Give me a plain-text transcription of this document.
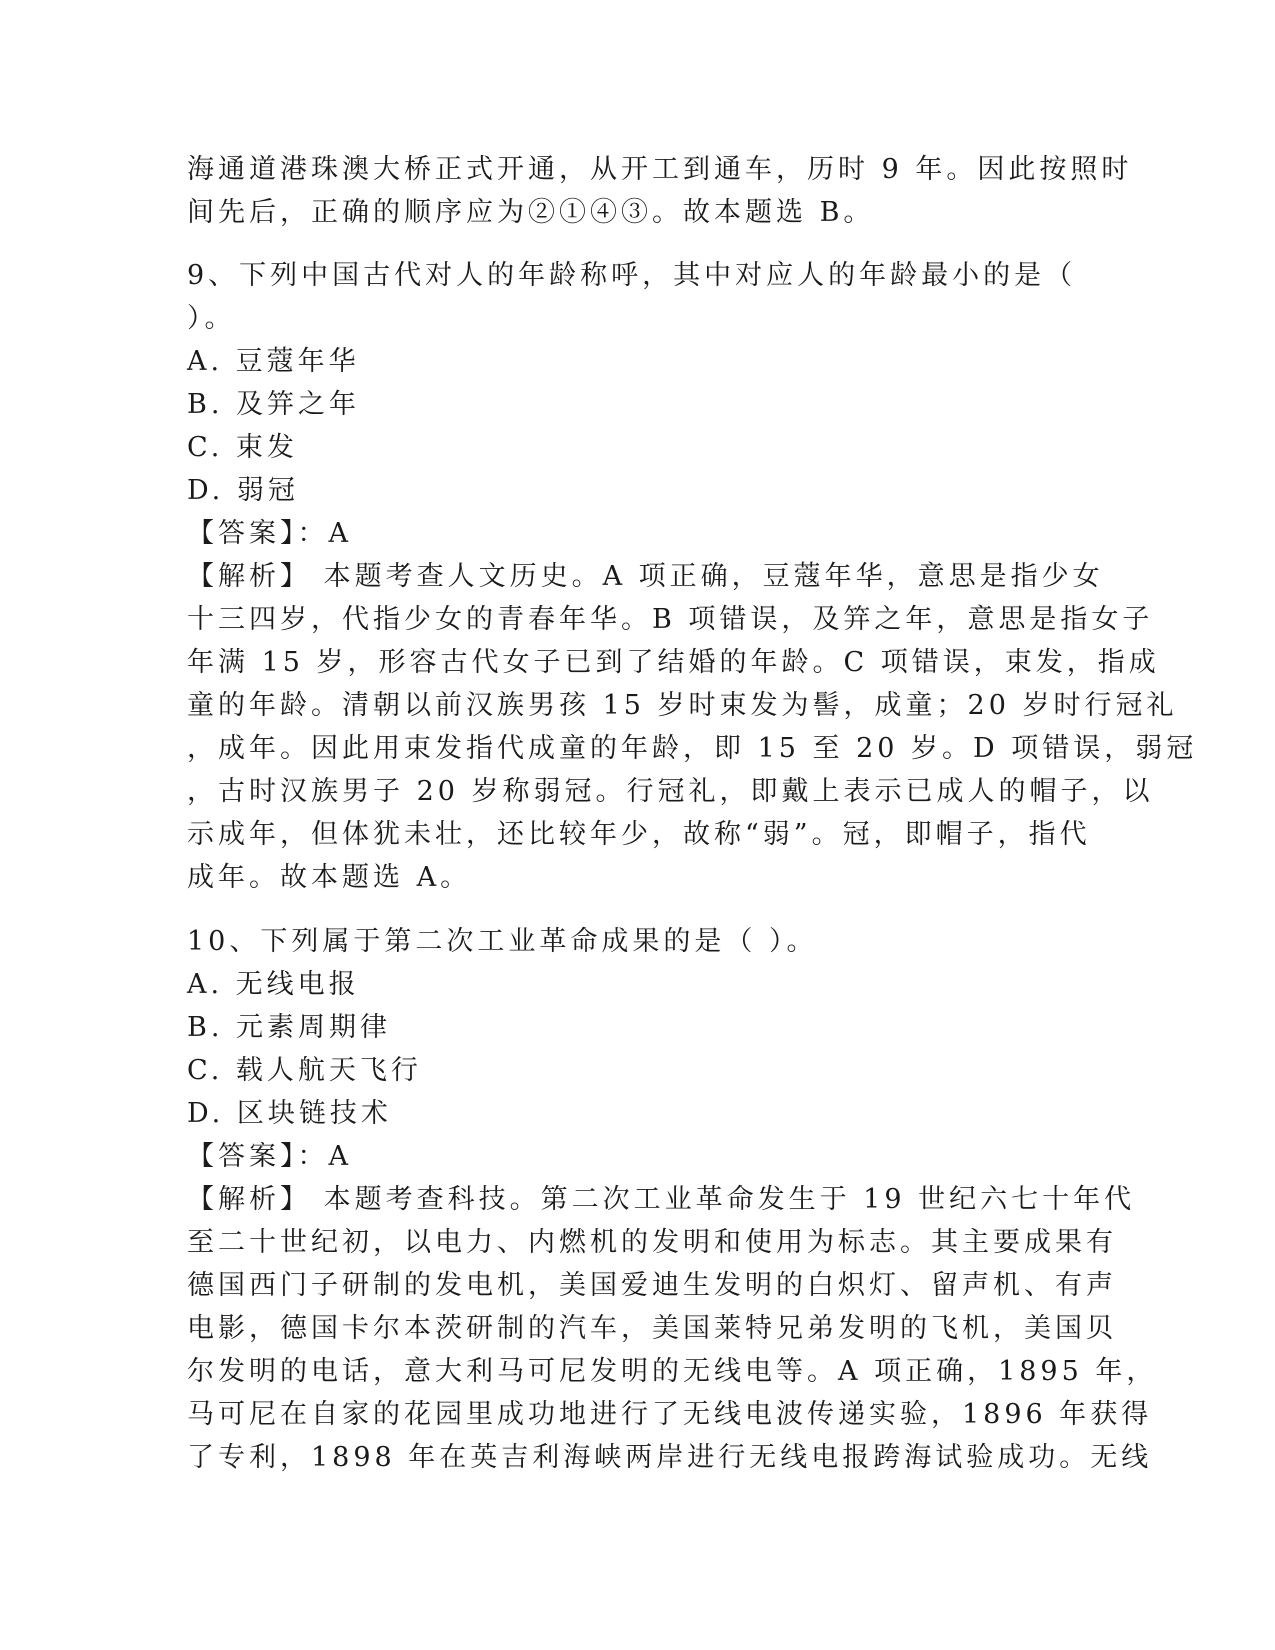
海通道港珠澳大桥正式开通，从开工到通车，历时 9 年。因此按照时
间先后，正确的顺序应为②①④③。故本题选 B。
9、下列中国古代对人的年龄称呼，其中对应人的年龄最小的是（
）。
A. 豆蔻年华
B. 及笄之年
C. 束发
D. 弱冠
【答案】：A
【解析】 本题考查人文历史。A 项正确，豆蔻年华，意思是指少女
十三四岁，代指少女的青春年华。B 项错误，及笄之年，意思是指女子
年满 15 岁，形容古代女子已到了结婚的年龄。C 项错误，束发，指成
童的年龄。清朝以前汉族男孩 15 岁时束发为髻，成童；20 岁时行冠礼
，成年。因此用束发指代成童的年龄，即 15 至 20 岁。D 项错误，弱冠
，古时汉族男子 20 岁称弱冠。行冠礼，即戴上表示已成人的帽子，以
示成年，但体犹未壮，还比较年少，故称“弱”。冠，即帽子，指代
成年。故本题选 A。
10、下列属于第二次工业革命成果的是（ ）。
A. 无线电报
B. 元素周期律
C. 载人航天飞行
D. 区块链技术
【答案】：A
【解析】 本题考查科技。第二次工业革命发生于 19 世纪六七十年代
至二十世纪初，以电力、内燃机的发明和使用为标志。其主要成果有
德国西门子研制的发电机，美国爱迪生发明的白炽灯、留声机、有声
电影，德国卡尔本茨研制的汽车，美国莱特兄弟发明的飞机，美国贝
尔发明的电话，意大利马可尼发明的无线电等。A 项正确，1895 年，
马可尼在自家的花园里成功地进行了无线电波传递实验，1896 年获得
了专利，1898 年在英吉利海峡两岸进行无线电报跨海试验成功。无线
